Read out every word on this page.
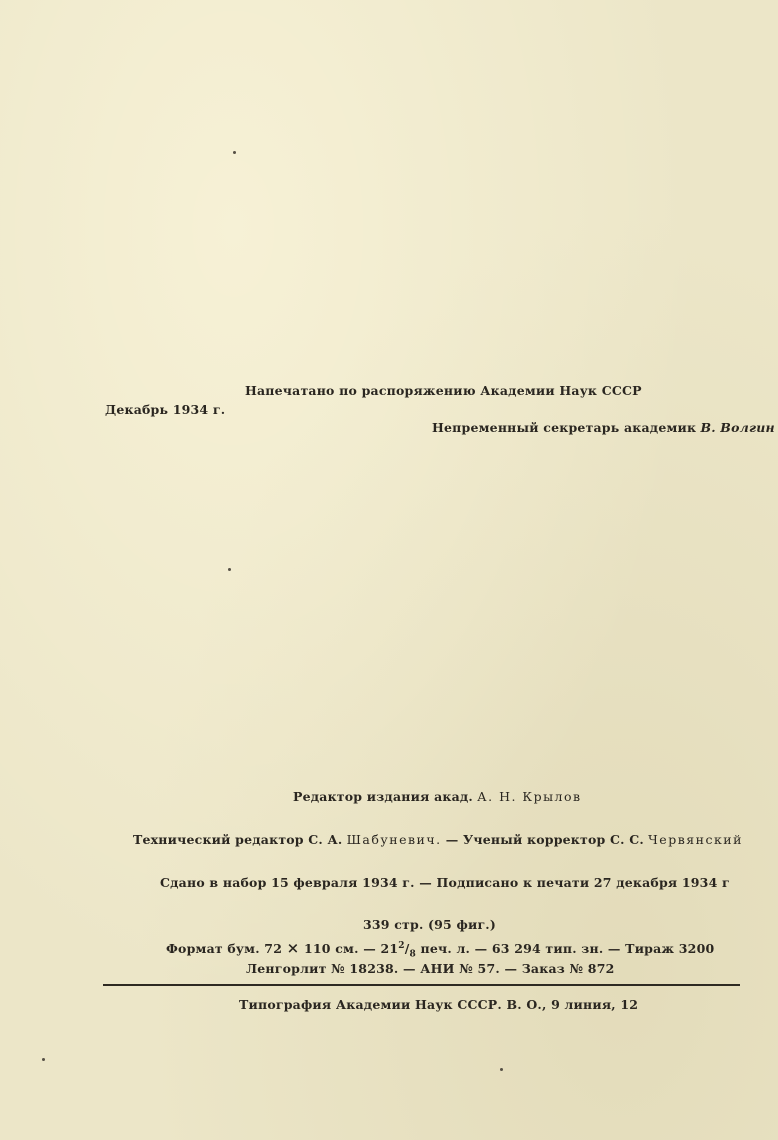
Напечатано по распоряжению Академии Наук СССР
Декабрь 1934 г.
Непременный секретарь академик В. Волгин
Редактор издания акад. А. Н. Крылов
Технический редактор С. А. Шабуневич. — Ученый корректор С. С. Червянский
Сдано в набор 15 февраля 1934 г. — Подписано к печати 27 декабря 1934 г
339 стр. (95 фиг.)
Формат бум. 72 × 110 см. — $21^2/_8$ печ. л. — 63 294 тип. зн. — Тираж 3200
Ленгорлит № 18238. — АНИ № 57. — Заказ № 872
Типография Академии Наук СССР. В. О., 9 линия, 12
